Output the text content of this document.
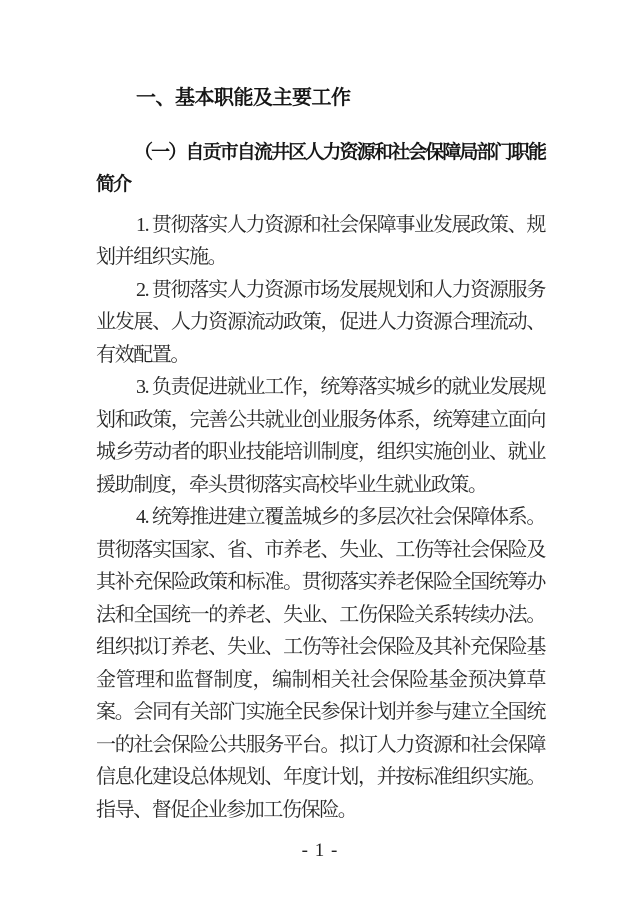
一、基本职能及主要工作
（一）自贡市自流井区人力资源和社会保障局部门职能简介

1. 贯彻落实人力资源和社会保障事业发展政策、规划并组织实施。

2. 贯彻落实人力资源市场发展规划和人力资源服务业发展、人力资源流动政策，促进人力资源合理流动、有效配置。

3. 负责促进就业工作，统筹落实城乡的就业发展规划和政策，完善公共就业创业服务体系，统筹建立面向城乡劳动者的职业技能培训制度，组织实施创业、就业援助制度，牵头贯彻落实高校毕业生就业政策。

4. 统筹推进建立覆盖城乡的多层次社会保障体系。贯彻落实国家、省、市养老、失业、工伤等社会保险及其补充保险政策和标准。贯彻落实养老保险全国统筹办法和全国统一的养老、失业、工伤保险关系转续办法。组织拟订养老、失业、工伤等社会保险及其补充保险基金管理和监督制度，编制相关社会保险基金预决算草案。会同有关部门实施全民参保计划并参与建立全国统一的社会保险公共服务平台。拟订人力资源和社会保障信息化建设总体规划、年度计划，并按标准组织实施。指导、督促企业参加工伤保险。

- 1 -
